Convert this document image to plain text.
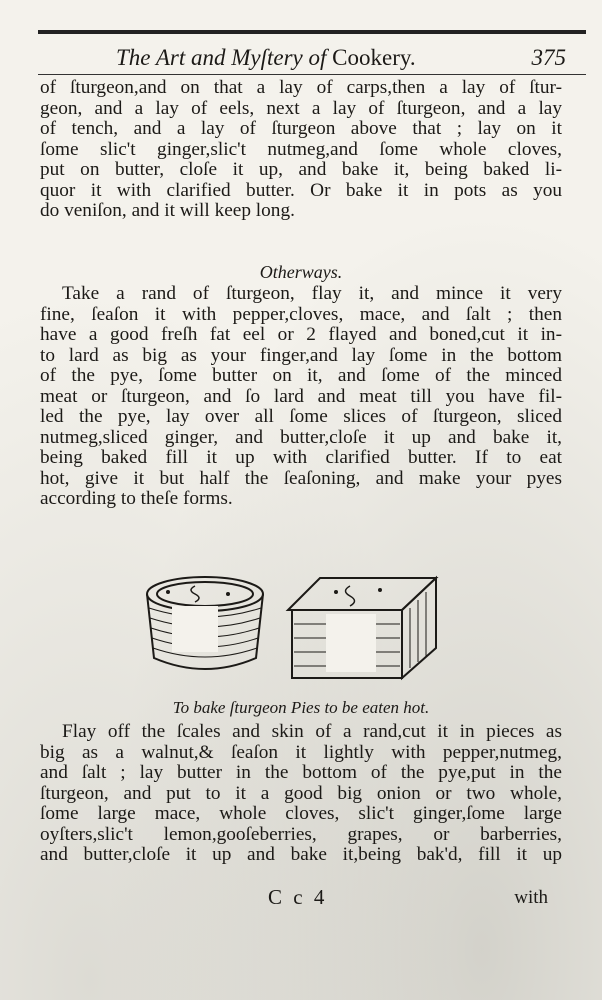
The Art and Myſtery of Cookery.	375
of ſturgeon,and on that a lay of carps,then a lay of ſtur-
geon, and a lay of eels, next a lay of ſturgeon, and a lay
of tench, and a lay of ſturgeon above that ; lay on it
ſome slic't ginger,slic't nutmeg,and ſome whole cloves,
put on butter, cloſe it up, and bake it, being baked li-
quor it with clarified butter. Or bake it in pots as you
do veniſon, and it will keep long.
Otherways.
Take a rand of ſturgeon, flay it, and mince it very
fine, ſeaſon it with pepper,cloves, mace, and ſalt ; then
have a good freſh fat eel or 2 flayed and boned,cut it in-
to lard as big as your finger,and lay ſome in the bottom
of the pye, ſome butter on it, and ſome of the minced
meat or ſturgeon, and ſo lard and meat till you have fil-
led the pye, lay over all ſome slices of ſturgeon, sliced
nutmeg,sliced ginger, and butter,cloſe it up and bake it,
being baked fill it up with clarified butter. If to eat
hot, give it but half the ſeaſoning, and make your pyes
according to theſe forms.
To bake ſturgeon Pies to be eaten hot.
Flay off the ſcales and skin of a rand,cut it in pieces as
big as a walnut,& ſeaſon it lightly with pepper,nutmeg,
and ſalt ; lay butter in the bottom of the pye,put in the
ſturgeon, and put to it a good big onion or two whole,
ſome large mace, whole cloves, slic't ginger,ſome large
oyſters,slic't lemon,gooſeberries, grapes, or barberries,
and butter,cloſe it up and bake it,being bak'd, fill it up
C c 4	with
